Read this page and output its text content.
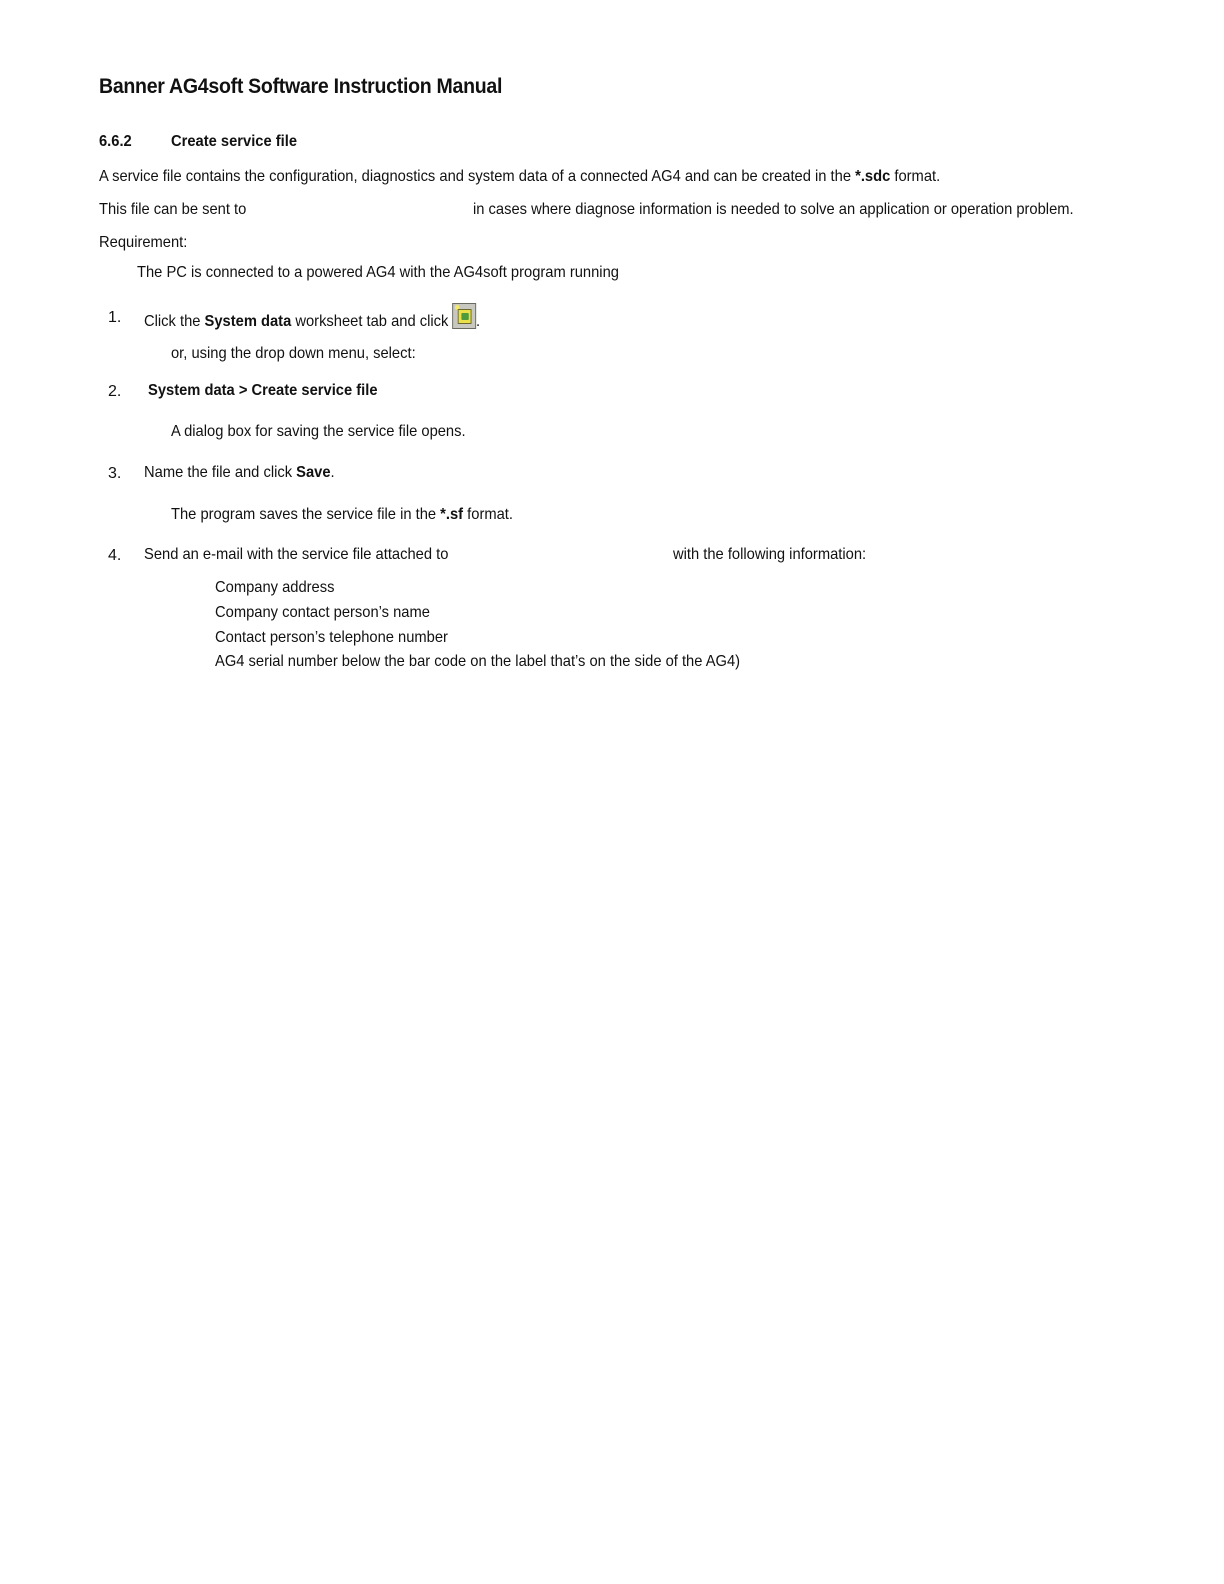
Banner AG4soft Software Instruction Manual
6.6.2 Create service file
A service file contains the configuration, diagnostics and system data of a connected AG4 and can be created in the *.sdc format.
This file can be sent to	in cases where diagnose information is needed to solve an application or operation problem.
Requirement:
The PC is connected to a powered AG4 with the AG4soft program running
1. Click the System data worksheet tab and click .
or, using the drop down menu, select:
2. System data > Create service file
A dialog box for saving the service file opens.
3. Name the file and click Save.
The program saves the service file in the *.sf format.
4. Send an e-mail with the service file attached to	with the following information:
Company address
Company contact person’s name
Contact person’s telephone number
AG4 serial number below the bar code on the label that’s on the side of the AG4)
